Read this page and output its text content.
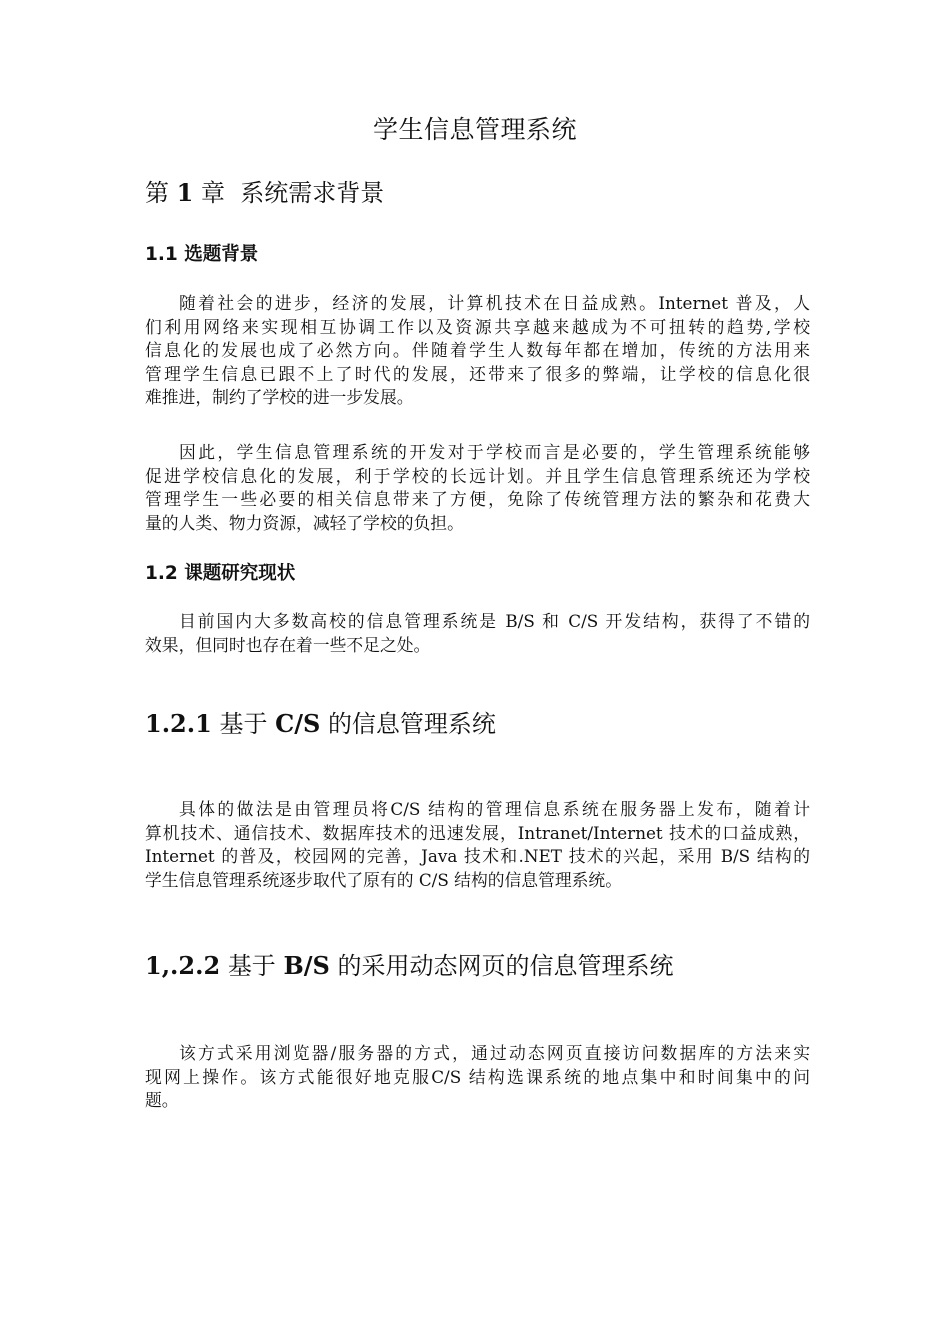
学生信息管理系统
第 1 章 系统需求背景
1.1 选题背景
随着社会的进步，经济的发展，计算机技术在日益成熟。Internet 普及，人
们利用网络来实现相互协调工作以及资源共享越来越成为不可扭转的趋势,学校
信息化的发展也成了必然方向。伴随着学生人数每年都在增加，传统的方法用来
管理学生信息已跟不上了时代的发展，还带来了很多的弊端，让学校的信息化很
难推进，制约了学校的进一步发展。
因此，学生信息管理系统的开发对于学校而言是必要的，学生管理系统能够
促进学校信息化的发展，利于学校的长远计划。并且学生信息管理系统还为学校
管理学生一些必要的相关信息带来了方便，免除了传统管理方法的繁杂和花费大
量的人类、物力资源，减轻了学校的负担。
1.2 课题研究现状
目前国内大多数高校的信息管理系统是 B/S 和 C/S 开发结构，获得了不错的
效果，但同时也存在着一些不足之处。
1.2.1 基于 C/S 的信息管理系统
具体的做法是由管理员将C/S 结构的管理信息系统在服务器上发布，随着计
算机技术、通信技术、数据库技术的迅速发展，Intranet/Internet 技术的口益成熟，
Internet 的普及，校园网的完善，Java 技术和.NET 技术的兴起，采用 B/S 结构的
学生信息管理系统逐步取代了原有的 C/S 结构的信息管理系统。
1,.2.2 基于 B/S 的采用动态网页的信息管理系统
该方式采用浏览器/服务器的方式，通过动态网页直接访问数据库的方法来实
现网上操作。该方式能很好地克服C/S 结构选课系统的地点集中和时间集中的问
题。
